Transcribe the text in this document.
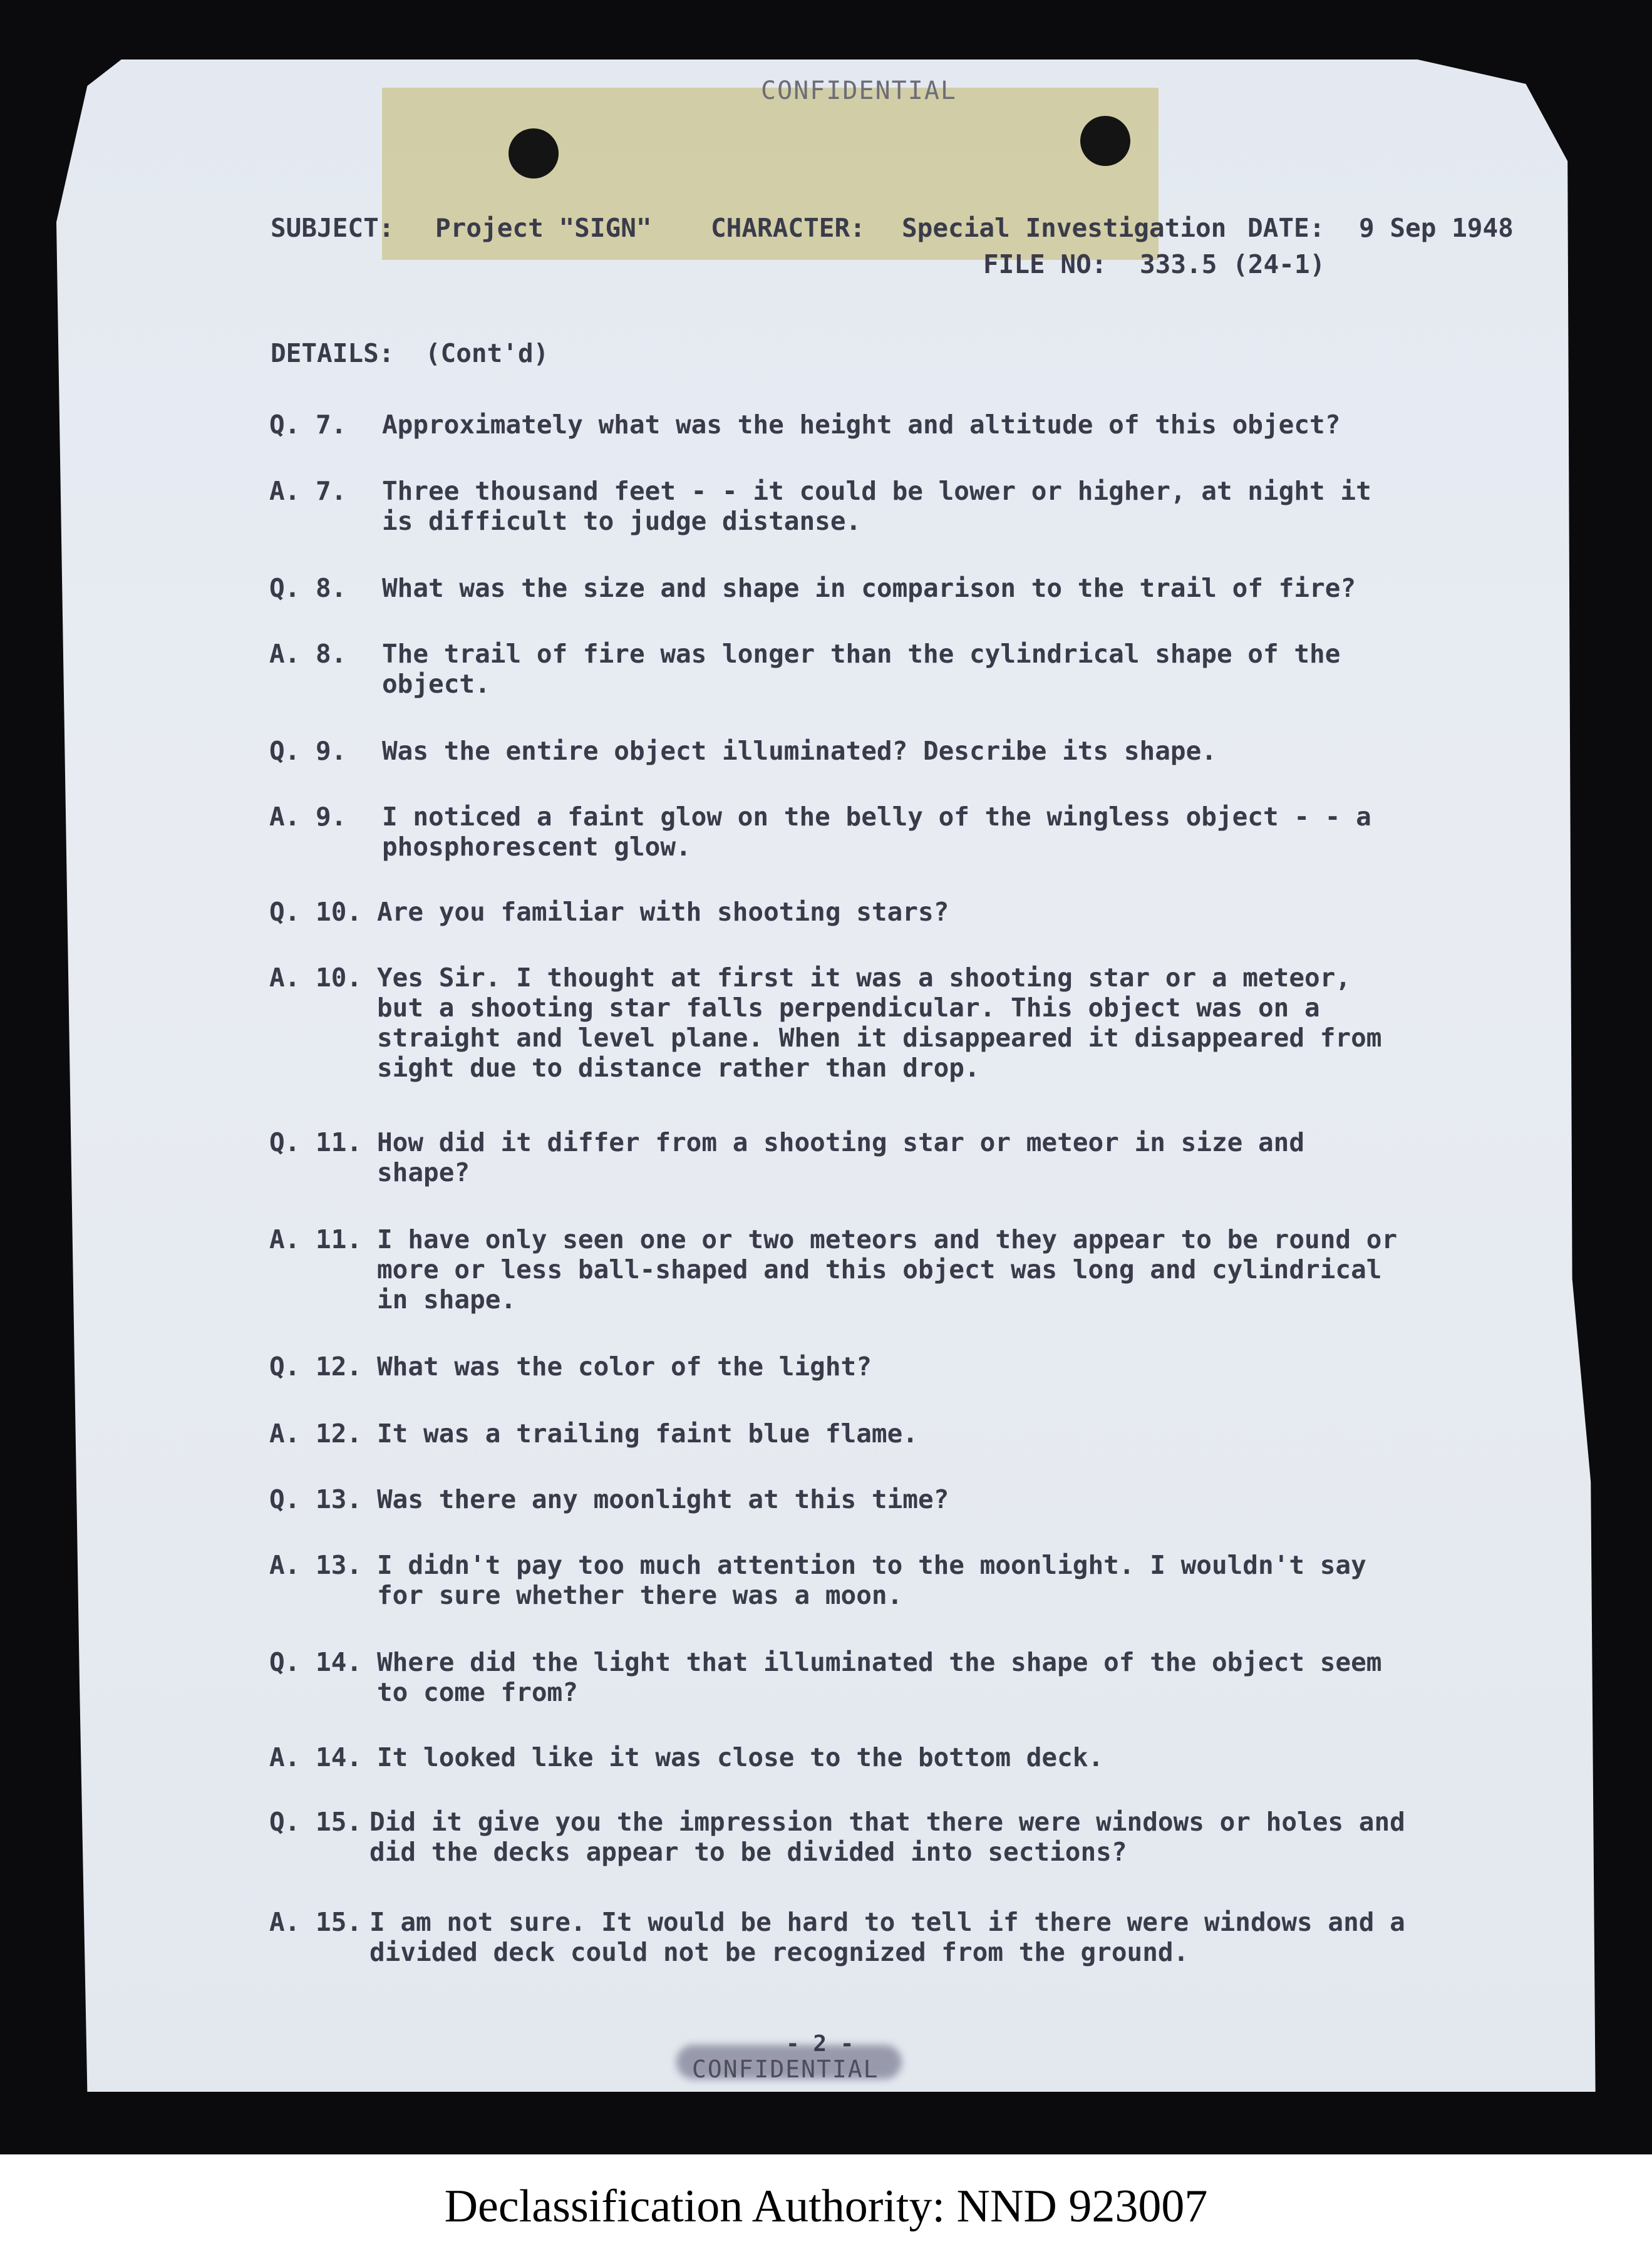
CONFIDENTIAL
SUBJECT: Project "SIGN" CHARACTER: Special Investigation DATE: 9 Sep 1948
FILE NO: 333.5 (24-1)
DETAILS:  (Cont'd)
Q. 7. Approximately what was the height and altitude of this object?
A. 7. Three thousand feet - - it could be lower or higher, at night it is difficult to judge distanse.
Q. 8. What was the size and shape in comparison to the trail of fire?
A. 8. The trail of fire was longer than the cylindrical shape of the object.
Q. 9. Was the entire object illuminated? Describe its shape.
A. 9. I noticed a faint glow on the belly of the wingless object - - a phosphorescent glow.
Q. 10. Are you familiar with shooting stars?
A. 10. Yes Sir. I thought at first it was a shooting star or a meteor, but a shooting star falls perpendicular. This object was on a straight and level plane. When it disappeared it disappeared from sight due to distance rather than drop.
Q. 11. How did it differ from a shooting star or meteor in size and shape?
A. 11. I have only seen one or two meteors and they appear to be round or more or less ball-shaped and this object was long and cylindrical in shape.
Q. 12. What was the color of the light?
A. 12. It was a trailing faint blue flame.
Q. 13. Was there any moonlight at this time?
A. 13. I didn't pay too much attention to the moonlight. I wouldn't say for sure whether there was a moon.
Q. 14. Where did the light that illuminated the shape of the object seem to come from?
A. 14. It looked like it was close to the bottom deck.
Q. 15. Did it give you the impression that there were windows or holes and did the decks appear to be divided into sections?
A. 15. I am not sure. It would be hard to tell if there were windows and a divided deck could not be recognized from the ground.
- 2 -
CONFIDENTIAL
Declassification Authority: NND 923007
